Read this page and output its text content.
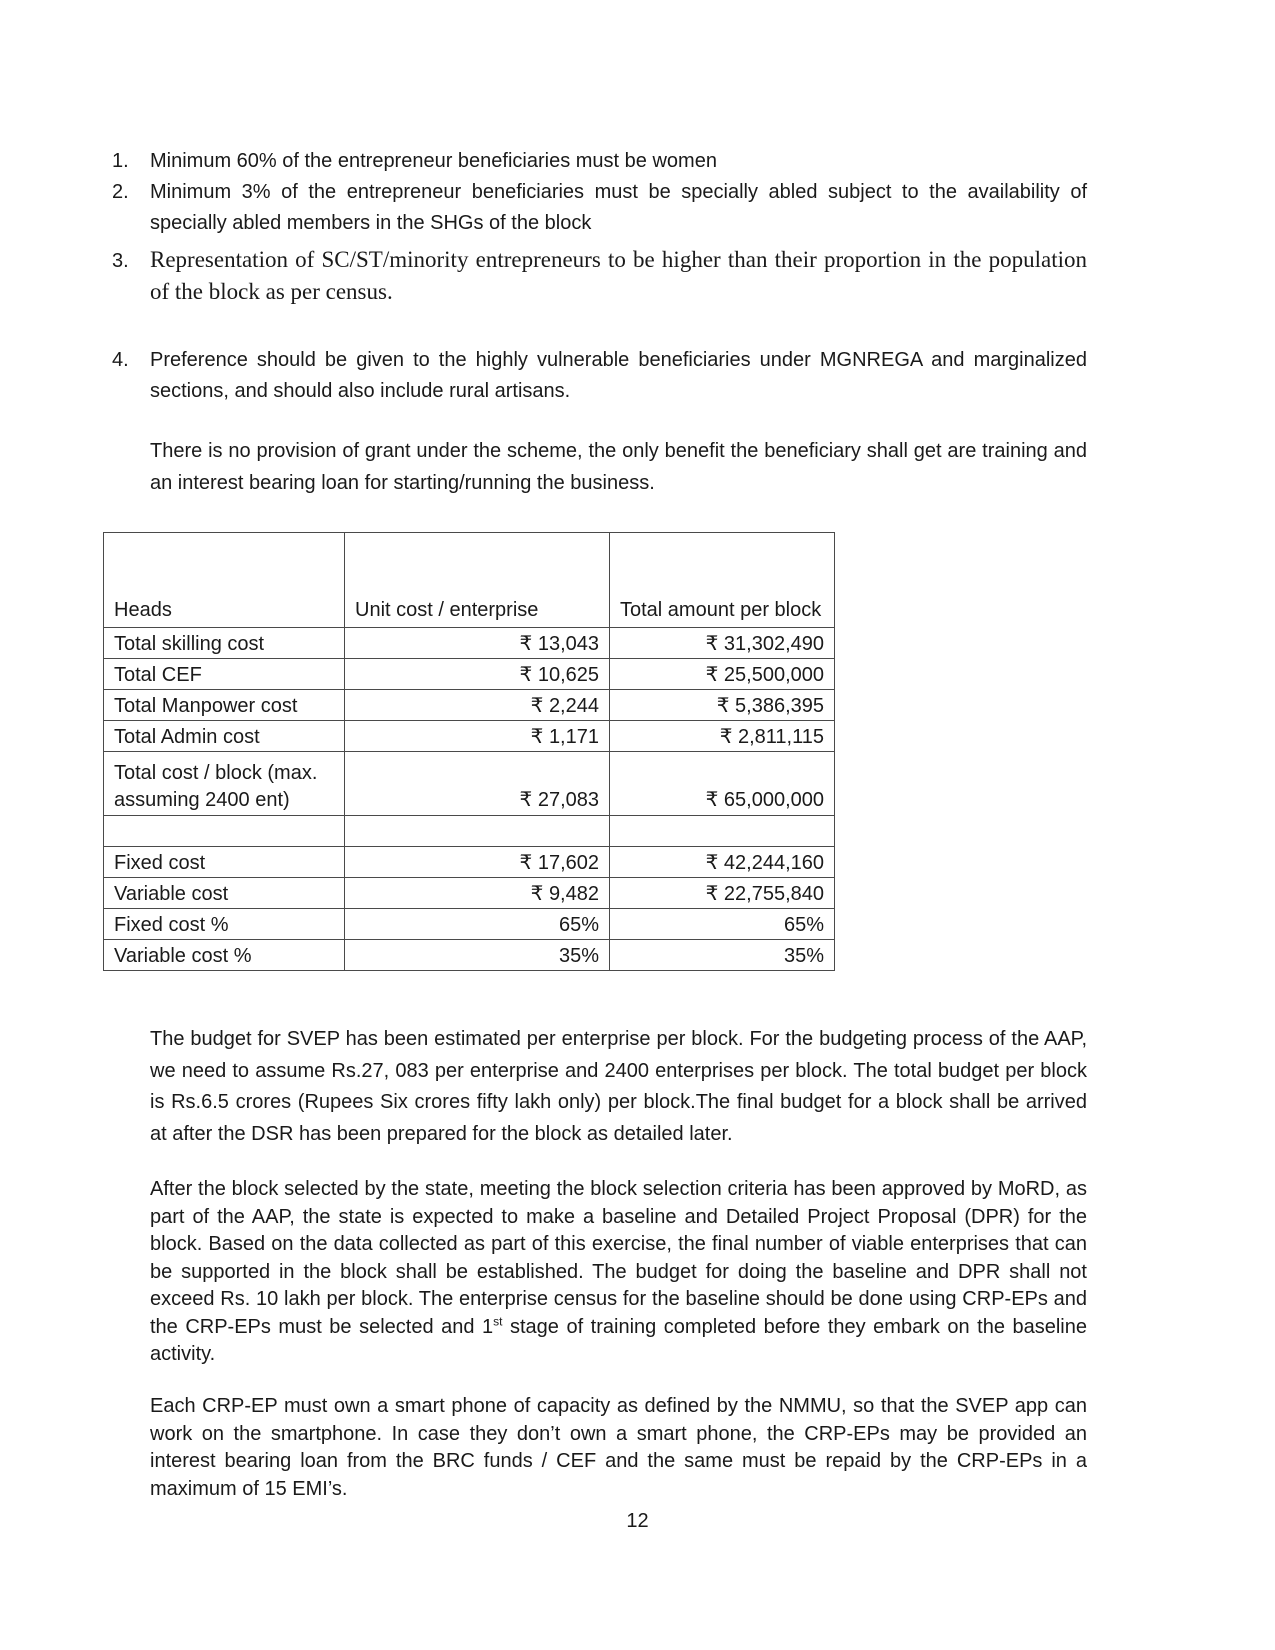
1.	Minimum 60% of the entrepreneur beneficiaries must be women
2.	Minimum 3% of the entrepreneur beneficiaries must be specially abled subject to the availability of specially abled members in the SHGs of the block
3. Representation of SC/ST/minority entrepreneurs to be higher than their proportion in the population of the block as per census.
4.	Preference should be given to the highly vulnerable beneficiaries under MGNREGA and marginalized sections, and should also include rural artisans.
There is no provision of grant under the scheme, the only benefit the beneficiary shall get are training and an interest bearing loan for starting/running the business.
Heads	Unit cost / enterprise	Total amount per block
Total skilling cost	₹ 13,043	₹ 31,302,490
Total CEF	₹ 10,625	₹ 25,500,000
Total Manpower cost	₹ 2,244	₹ 5,386,395
Total Admin cost	₹ 1,171	₹ 2,811,115
Total cost / block (max. assuming 2400 ent)	₹ 27,083	₹ 65,000,000

Fixed cost	₹ 17,602	₹ 42,244,160
Variable cost	₹ 9,482	₹ 22,755,840
Fixed cost %	65%	65%
Variable cost %	35%	35%
The budget for SVEP has been estimated per enterprise per block. For the budgeting process of the AAP, we need to assume Rs.27, 083 per enterprise and 2400 enterprises per block. The total budget per block is Rs.6.5 crores (Rupees Six crores fifty lakh only) per block.The final budget for a block shall be arrived at after the DSR has been prepared for the block as detailed later.
After the block selected by the state, meeting the block selection criteria has been approved by MoRD, as part of the AAP, the state is expected to make a baseline and Detailed Project Proposal (DPR) for the block. Based on the data collected as part of this exercise, the final number of viable enterprises that can be supported in the block shall be established. The budget for doing the baseline and DPR shall not exceed Rs. 10 lakh per block. The enterprise census for the baseline should be done using CRP-EPs and the CRP-EPs must be selected and 1st stage of training completed before they embark on the baseline activity.
Each CRP-EP must own a smart phone of capacity as defined by the NMMU, so that the SVEP app can work on the smartphone. In case they don’t own a smart phone, the CRP-EPs may be provided an interest bearing loan from the BRC funds / CEF and the same must be repaid by the CRP-EPs in a maximum of 15 EMI’s.
12
